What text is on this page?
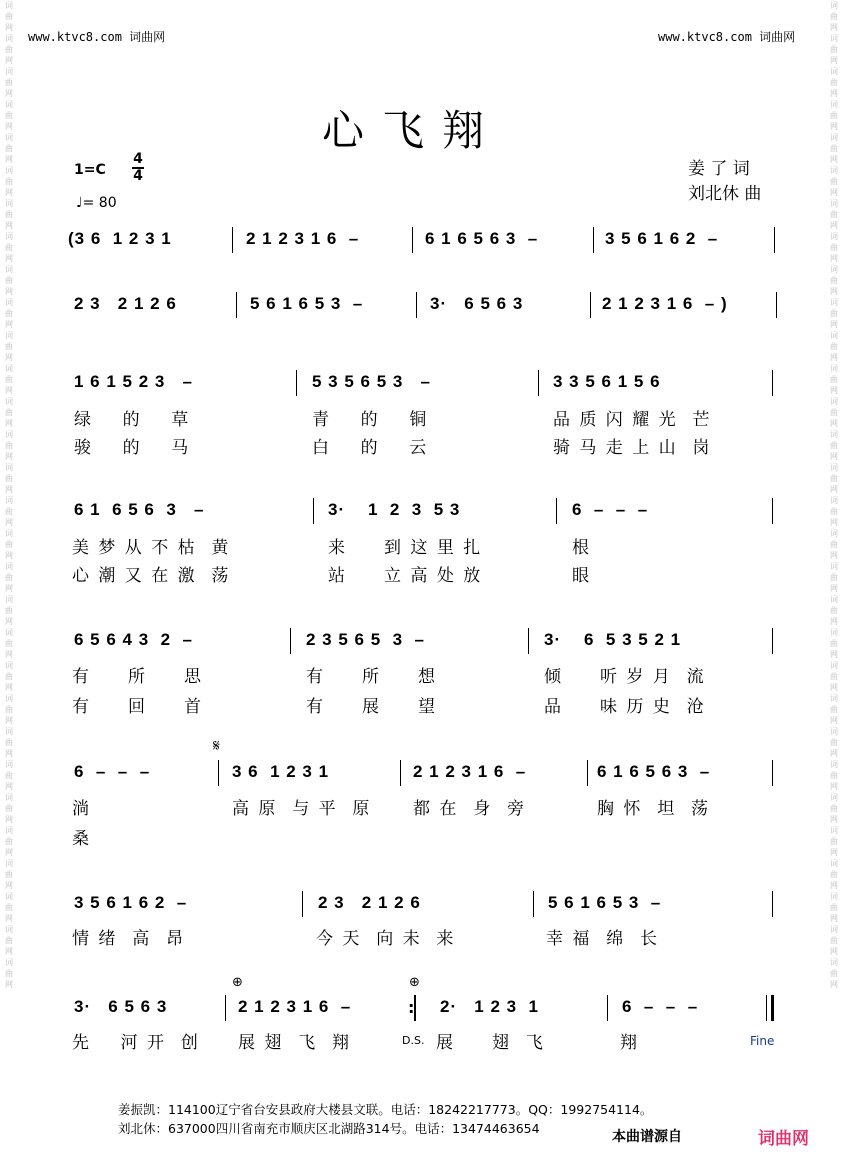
词曲网词曲网词曲网词曲网词曲网词曲网词曲网词曲网词曲网词曲网词曲网词曲网词曲网词曲网词曲网词曲网词曲网词曲网词曲网词曲网词曲网词曲网词曲网词曲网词曲网词曲网词曲网词曲网词曲网词曲网
词曲网词曲网词曲网词曲网词曲网词曲网词曲网词曲网词曲网词曲网词曲网词曲网词曲网词曲网词曲网词曲网词曲网词曲网词曲网词曲网词曲网词曲网词曲网词曲网词曲网词曲网词曲网词曲网词曲网词曲网
www.ktvc8.com 词曲网	www.ktvc8.com 词曲网
心飞翔
1=C
4
4
♩= 80
姜 了 词
刘北休 曲
(3 6  1 2 3 1	2 1 2 3 1 6  –	6 1 6 5 6 3  –	3 5 6 1 6 2  –
2 3   2 1 2 6	5 6 1 6 5 3  –	3·   6 5 6 3	2 1 2 3 1 6  – )
1 6 1 5 2 3   –	5 3 5 6 5 3   –	3 3 5 6 1 5 6
绿    的    草	青    的    铜	品 质 闪 耀 光  芒
骏    的    马	白    的    云	骑 马 走 上 山  岗
6 1  6 5 6  3   –	3·    1  2  3  5 3	6  –  –  –
美 梦 从 不 枯  黄	来     到 这 里 扎	根
心 潮 又 在 激  荡	站     立 高 处 放	眼
6 5 6 4 3  2  –	2 3 5 6 5  3  –	3·    6  5 3 5 2 1
有     所     思	有     所     想	倾     听 岁 月  流
有     回     首	有     展     望	品     味 历 史  沧
𝄋
6  –  –  –	3 6  1 2 3 1	2 1 2 3 1 6  –	6 1 6 5 6 3  –
淌	高 原  与 平  原 都 在  身  旁	胸 怀  坦  荡
桑
3 5 6 1 6 2  –	2 3   2 1 2 6	5 6 1 6 5 3  –
情 绪  高  昂	今 天  向 未  来	幸 福  绵  长
⊕	⊕
3·   6 5 6 3	2 1 2 3 1 6  –	: 2·   1 2 3  1	6  –  –  –
先    河 开  创 展 翅  飞  翔	D.S. 展     翅  飞	翔	Fine
姜振凯：114100辽宁省台安县政府大楼县文联。电话：18242217773。QQ：1992754114。
刘北休：637000四川省南充市顺庆区北湖路314号。电话：13474463654
本曲谱源自	词曲网
